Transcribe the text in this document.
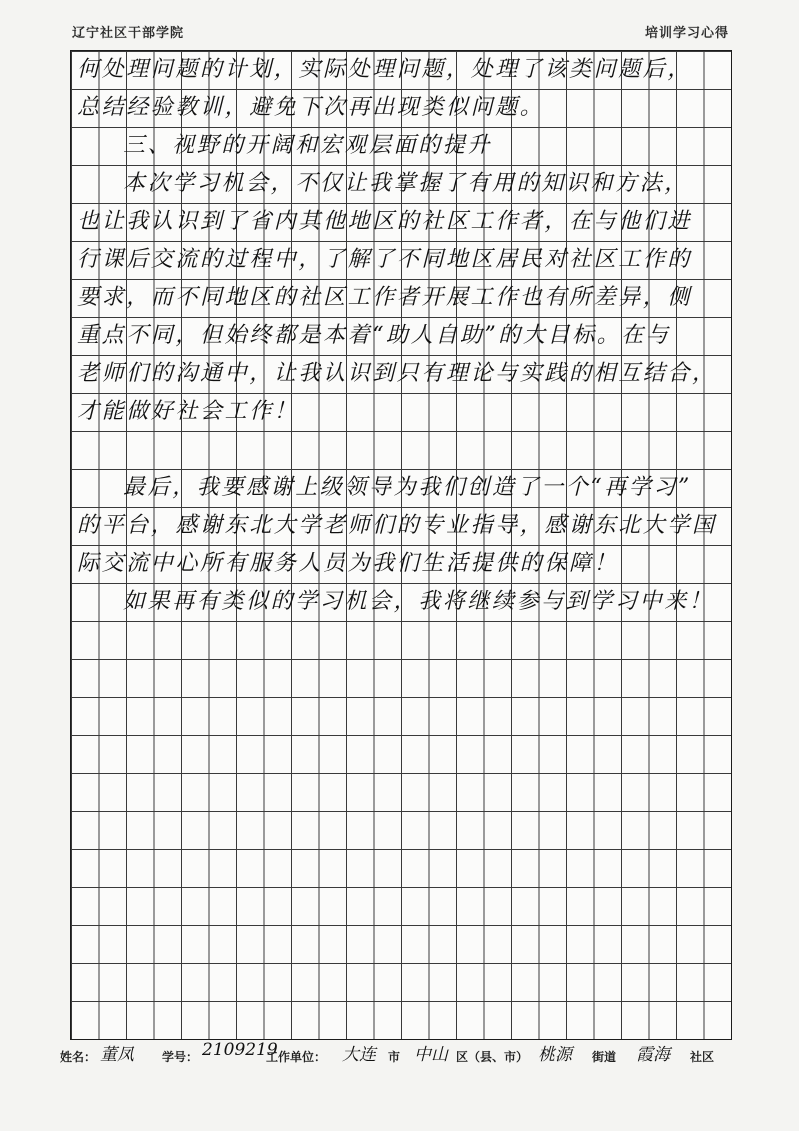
辽宁社区干部学院	培训学习心得
何处理问题的计划，实际处理问题，处理了该类问题后，
总结经验教训，避免下次再出现类似问题。
三、视野的开阔和宏观层面的提升
本次学习机会，不仅让我掌握了有用的知识和方法，
也让我认识到了省内其他地区的社区工作者，在与他们进
行课后交流的过程中，了解了不同地区居民对社区工作的
要求，而不同地区的社区工作者开展工作也有所差异，侧
重点不同，但始终都是本着“助人自助”的大目标。在与
老师们的沟通中，让我认识到只有理论与实践的相互结合，
才能做好社会工作！
最后，我要感谢上级领导为我们创造了一个“再学习”
的平台，感谢东北大学老师们的专业指导，感谢东北大学国
际交流中心所有服务人员为我们生活提供的保障！
如果再有类似的学习机会，我将继续参与到学习中来！
姓名： 董凤 学号： 2109219
工作单位： 大连 市 中山 区（县、市） 桃源 街道 霞海 社区
